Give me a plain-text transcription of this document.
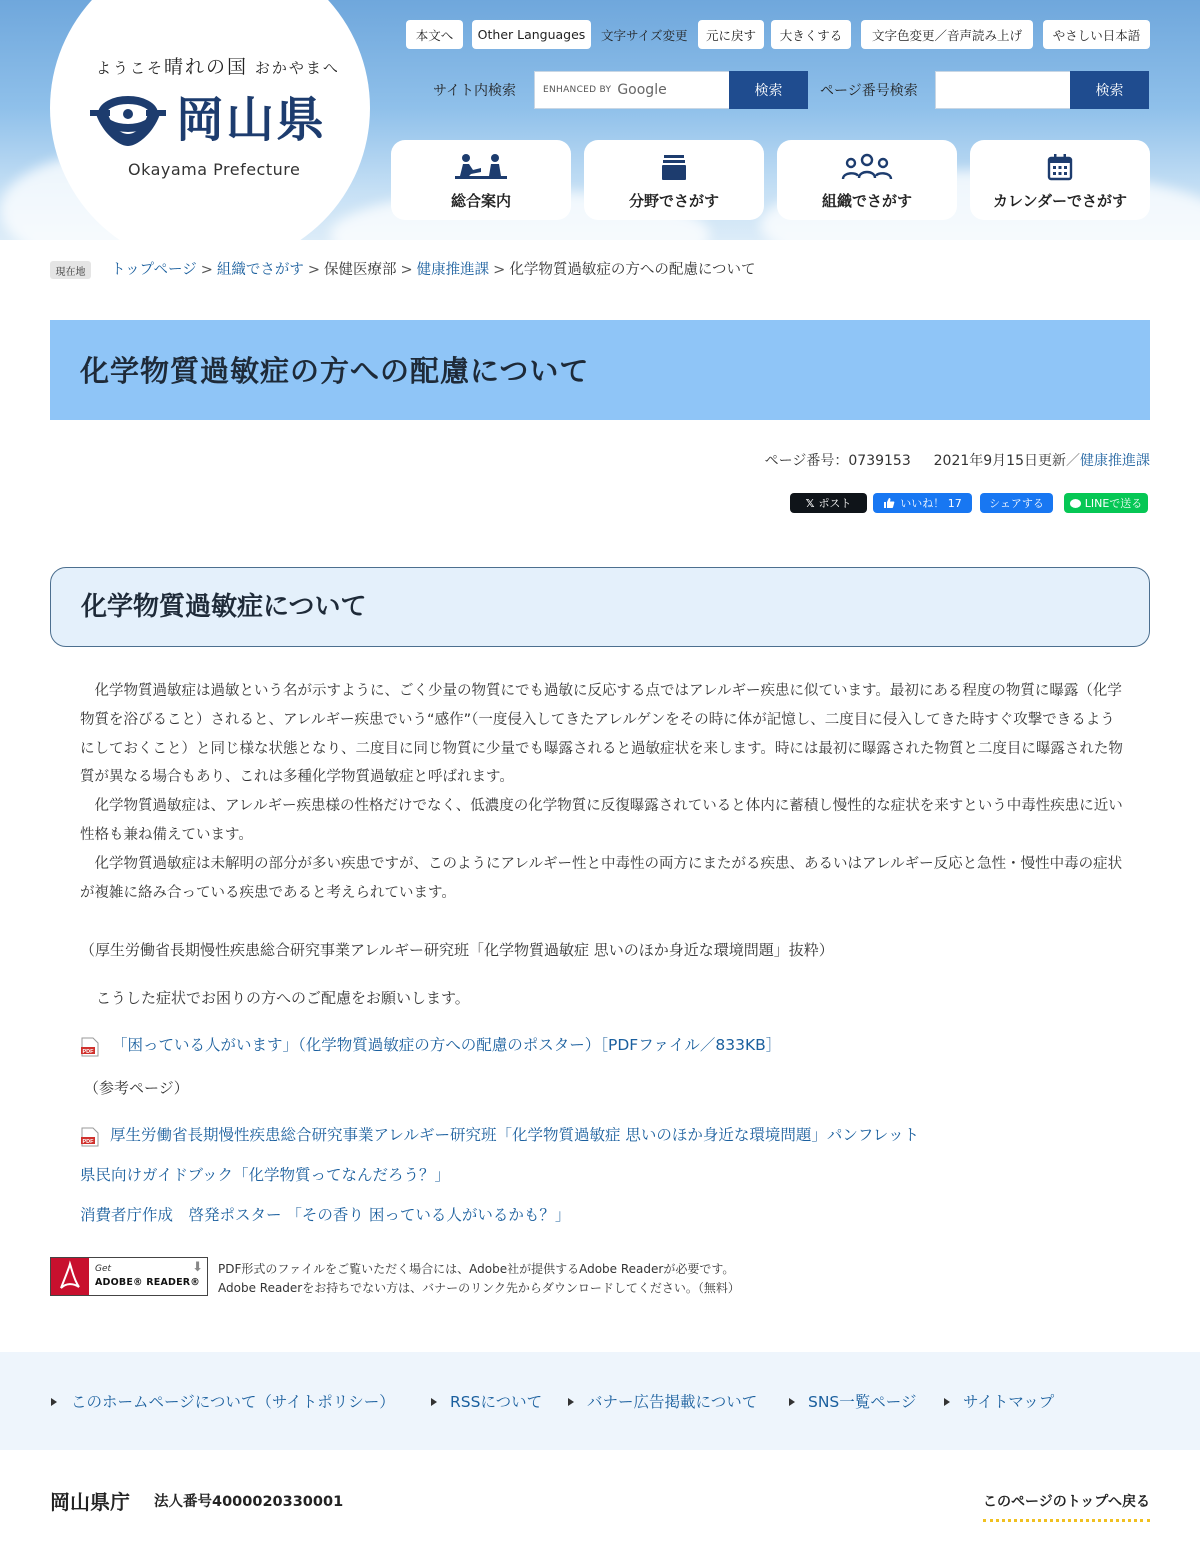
ようこそ晴れの国 おかやまへ
岡山県
Okayama Prefecture
本文へ	Other Languages	文字サイズ変更	元に戻す	大きくする	文字色変更／音声読み上げ	やさしい日本語
サイト内検索	ENHANCED BY Google	検索	ページ番号検索	検索
総合案内	分野でさがす	組織でさがす	カレンダーでさがす
現在地	トップページ > 組織でさがす > 保健医療部 > 健康推進課 > 化学物質過敏症の方への配慮について
化学物質過敏症の方への配慮について
ページ番号：0739153 2021年9月15日更新／健康推進課
𝕏 ポスト	いいね！ 17	シェアする	LINEで送る
化学物質過敏症について

化学物質過敏症は過敏という名が示すように、ごく少量の物質にでも過敏に反応する点ではアレルギー疾患に似ています。最初にある程度の物質に曝露（化学物質を浴びること）されると、アレルギー疾患でいう“感作”（一度侵入してきたアレルゲンをその時に体が記憶し、二度目に侵入してきた時すぐ攻撃できるようにしておくこと）と同じ様な状態となり、二度目に同じ物質に少量でも曝露されると過敏症状を来します。時には最初に曝露された物質と二度目に曝露された物質が異なる場合もあり、これは多種化学物質過敏症と呼ばれます。

化学物質過敏症は、アレルギー疾患様の性格だけでなく、低濃度の化学物質に反復曝露されていると体内に蓄積し慢性的な症状を来すという中毒性疾患に近い性格も兼ね備えています。

化学物質過敏症は未解明の部分が多い疾患ですが、このようにアレルギー性と中毒性の両方にまたがる疾患、あるいはアレルギー反応と急性・慢性中毒の症状が複雑に絡み合っている疾患であると考えられています。

（厚生労働省長期慢性疾患総合研究事業アレルギー研究班「化学物質過敏症 思いのほか身近な環境問題」抜粋）
こうした症状でお困りの方へのご配慮をお願いします。
PDF 「困っている人がいます」（化学物質過敏症の方への配慮のポスター）［PDFファイル／833KB］
（参考ページ）
PDF 厚生労働省長期慢性疾患総合研究事業アレルギー研究班「化学物質過敏症 思いのほか身近な環境問題」パンフレット
県民向けガイドブック「化学物質ってなんだろう？」
消費者庁作成　啓発ポスター 「その香り 困っている人がいるかも？」
Get
ADOBE® READER®
⬇ PDF形式のファイルをご覧いただく場合には、Adobe社が提供するAdobe Readerが必要です。
Adobe Readerをお持ちでない方は、バナーのリンク先からダウンロードしてください。（無料）
このホームページについて（サイトポリシー）	RSSについて	バナー広告掲載について	SNS一覧ページ	サイトマップ
岡山県庁 法人番号4000020330001	このページのトップへ戻る
